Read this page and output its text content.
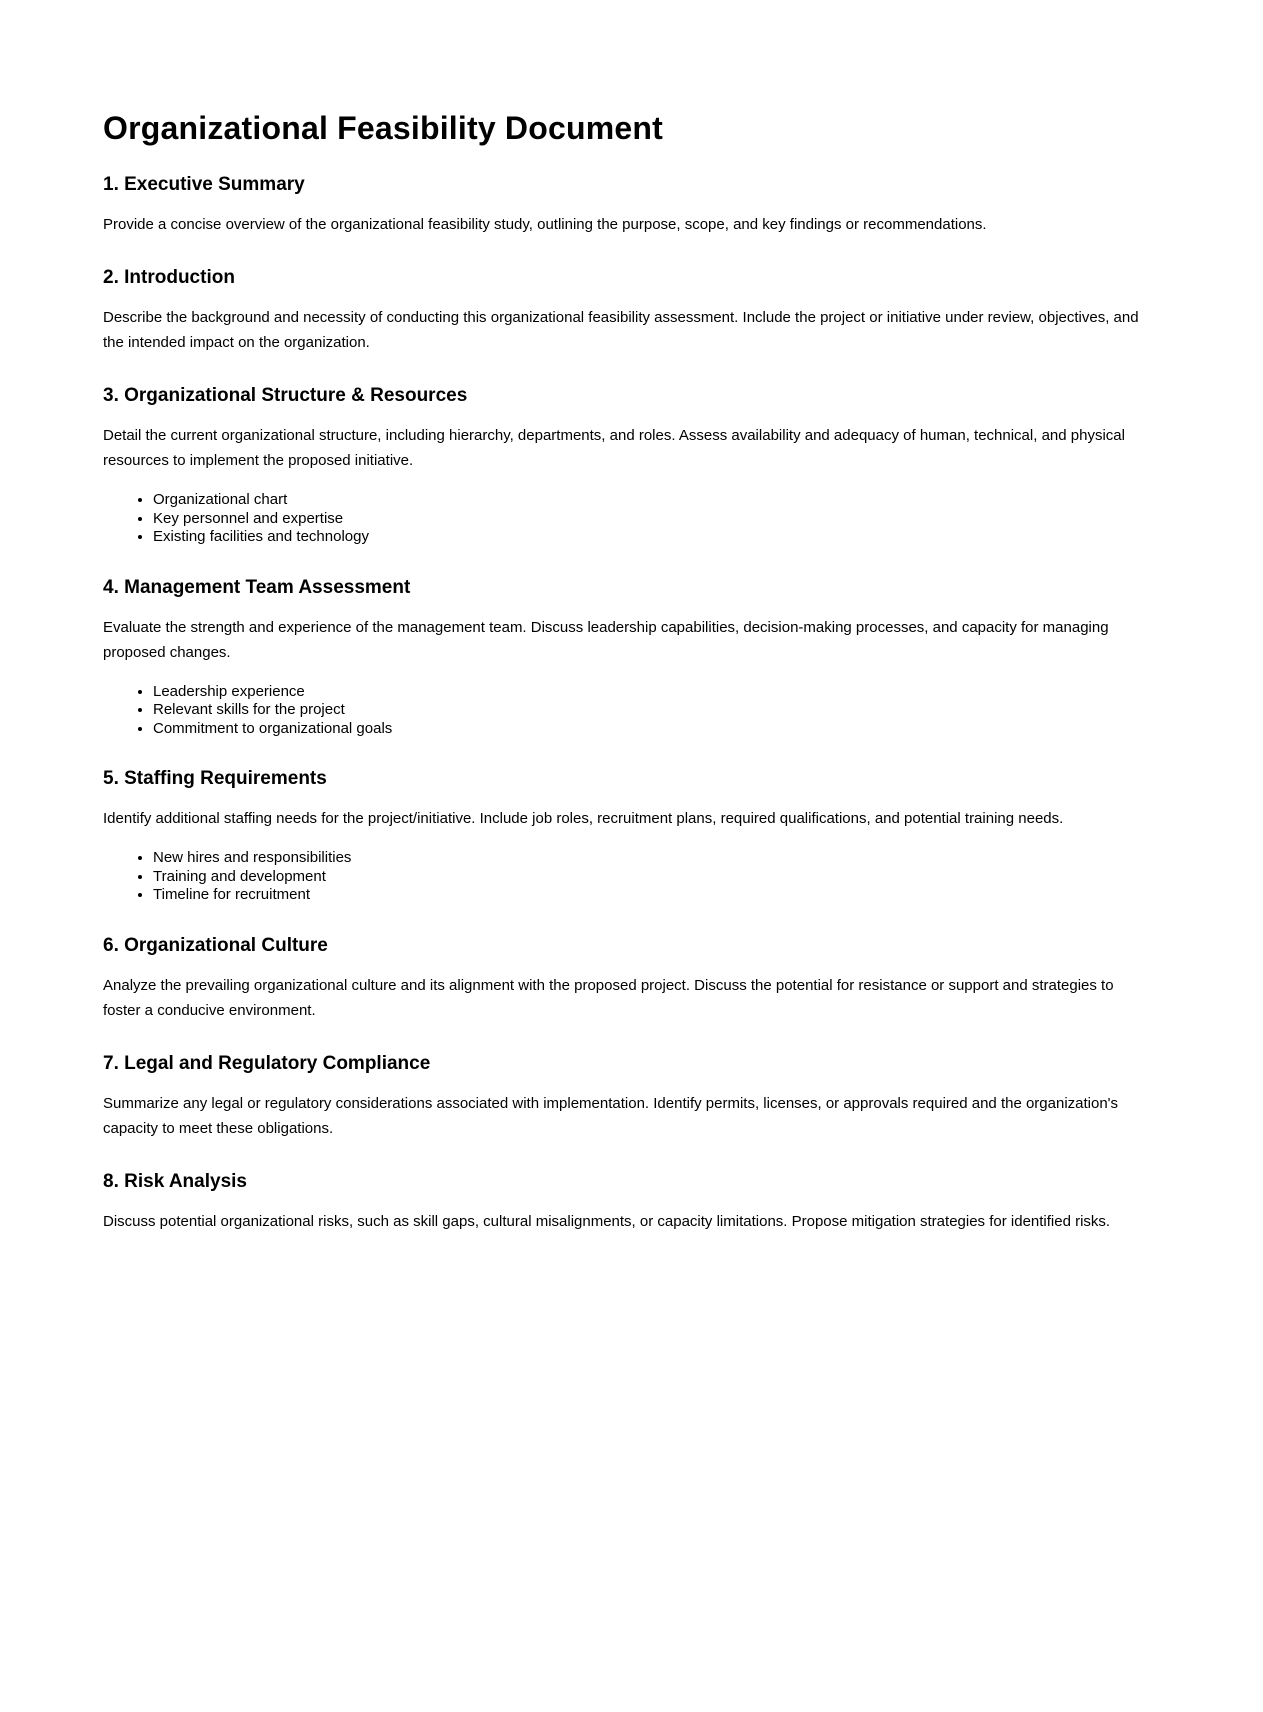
Organizational Feasibility Document
1. Executive Summary

Provide a concise overview of the organizational feasibility study, outlining the purpose, scope, and key findings or recommendations.

2. Introduction

Describe the background and necessity of conducting this organizational feasibility assessment. Include the project or initiative under review, objectives, and the intended impact on the organization.

3. Organizational Structure & Resources

Detail the current organizational structure, including hierarchy, departments, and roles. Assess availability and adequacy of human, technical, and physical resources to implement the proposed initiative.

• Organizational chart
• Key personnel and expertise
• Existing facilities and technology
4. Management Team Assessment

Evaluate the strength and experience of the management team. Discuss leadership capabilities, decision-making processes, and capacity for managing proposed changes.

• Leadership experience
• Relevant skills for the project
• Commitment to organizational goals
5. Staffing Requirements

Identify additional staffing needs for the project/initiative. Include job roles, recruitment plans, required qualifications, and potential training needs.

• New hires and responsibilities
• Training and development
• Timeline for recruitment
6. Organizational Culture

Analyze the prevailing organizational culture and its alignment with the proposed project. Discuss the potential for resistance or support and strategies to foster a conducive environment.

7. Legal and Regulatory Compliance

Summarize any legal or regulatory considerations associated with implementation. Identify permits, licenses, or approvals required and the organization's capacity to meet these obligations.

8. Risk Analysis

Discuss potential organizational risks, such as skill gaps, cultural misalignments, or capacity limitations. Propose mitigation strategies for identified risks.
